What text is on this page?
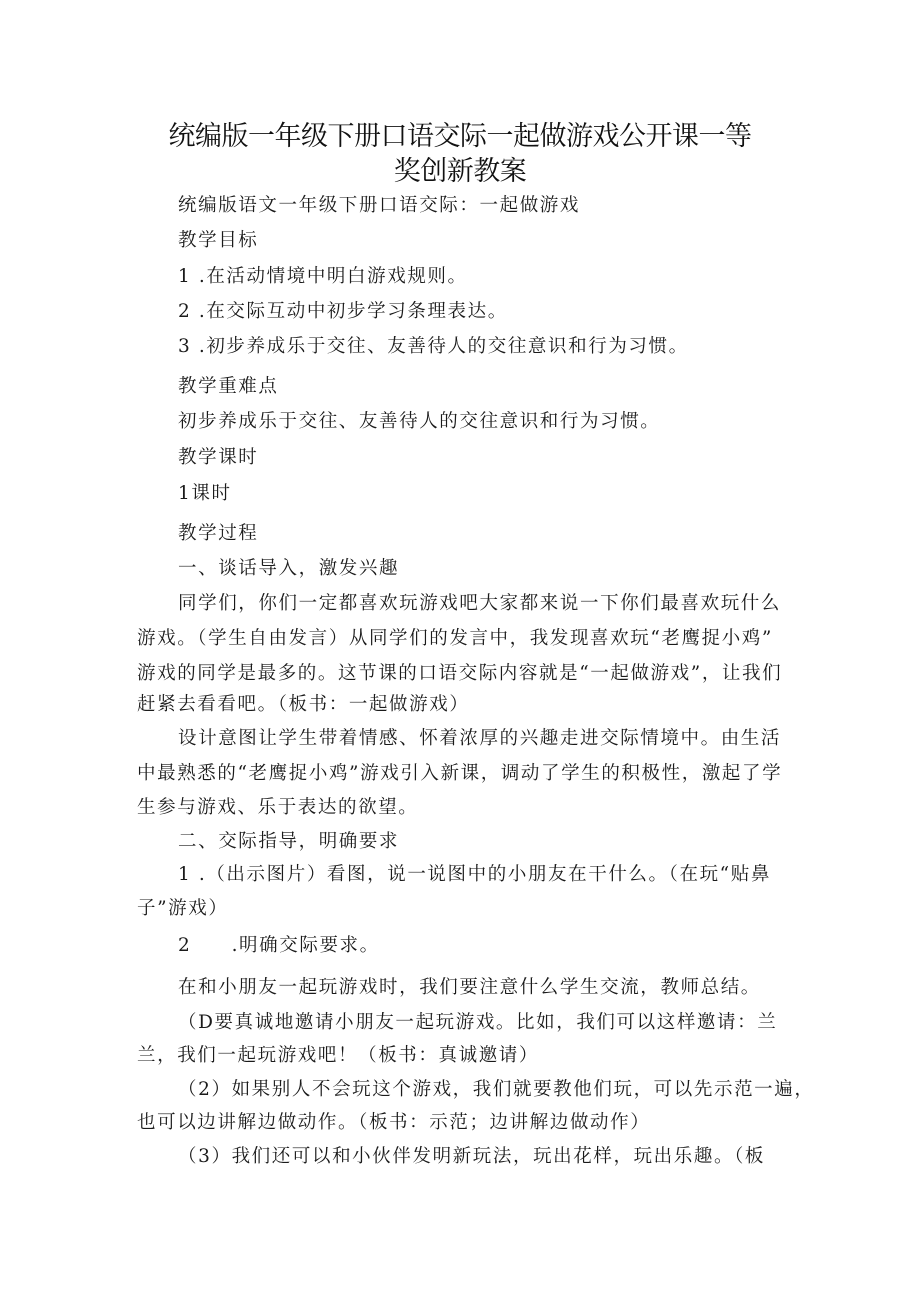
统编版一年级下册口语交际一起做游戏公开课一等
奖创新教案
统编版语文一年级下册口语交际：一起做游戏
教学目标
1 .在活动情境中明白游戏规则。
2 .在交际互动中初步学习条理表达。
3 .初步养成乐于交往、友善待人的交往意识和行为习惯。
教学重难点
初步养成乐于交往、友善待人的交往意识和行为习惯。
教学课时
1课时
教学过程
一、谈话导入，激发兴趣
同学们，你们一定都喜欢玩游戏吧大家都来说一下你们最喜欢玩什么
游戏。（学生自由发言）从同学们的发言中，我发现喜欢玩“老鹰捉小鸡”
游戏的同学是最多的。这节课的口语交际内容就是“一起做游戏”，让我们
赶紧去看看吧。（板书：一起做游戏）
设计意图让学生带着情感、怀着浓厚的兴趣走进交际情境中。由生活
中最熟悉的“老鹰捉小鸡”游戏引入新课，调动了学生的积极性，激起了学
生参与游戏、乐于表达的欲望。
二、交际指导，明确要求
1 .（出示图片）看图，说一说图中的小朋友在干什么。（在玩“贴鼻
子”游戏）
2　　.明确交际要求。
在和小朋友一起玩游戏时，我们要注意什么学生交流，教师总结。
（D要真诚地邀请小朋友一起玩游戏。比如，我们可以这样邀请：兰
兰，我们一起玩游戏吧！（板书：真诚邀请）
（2）如果别人不会玩这个游戏，我们就要教他们玩，可以先示范一遍，
也可以边讲解边做动作。（板书：示范；边讲解边做动作）
（3）我们还可以和小伙伴发明新玩法，玩出花样，玩出乐趣。（板
